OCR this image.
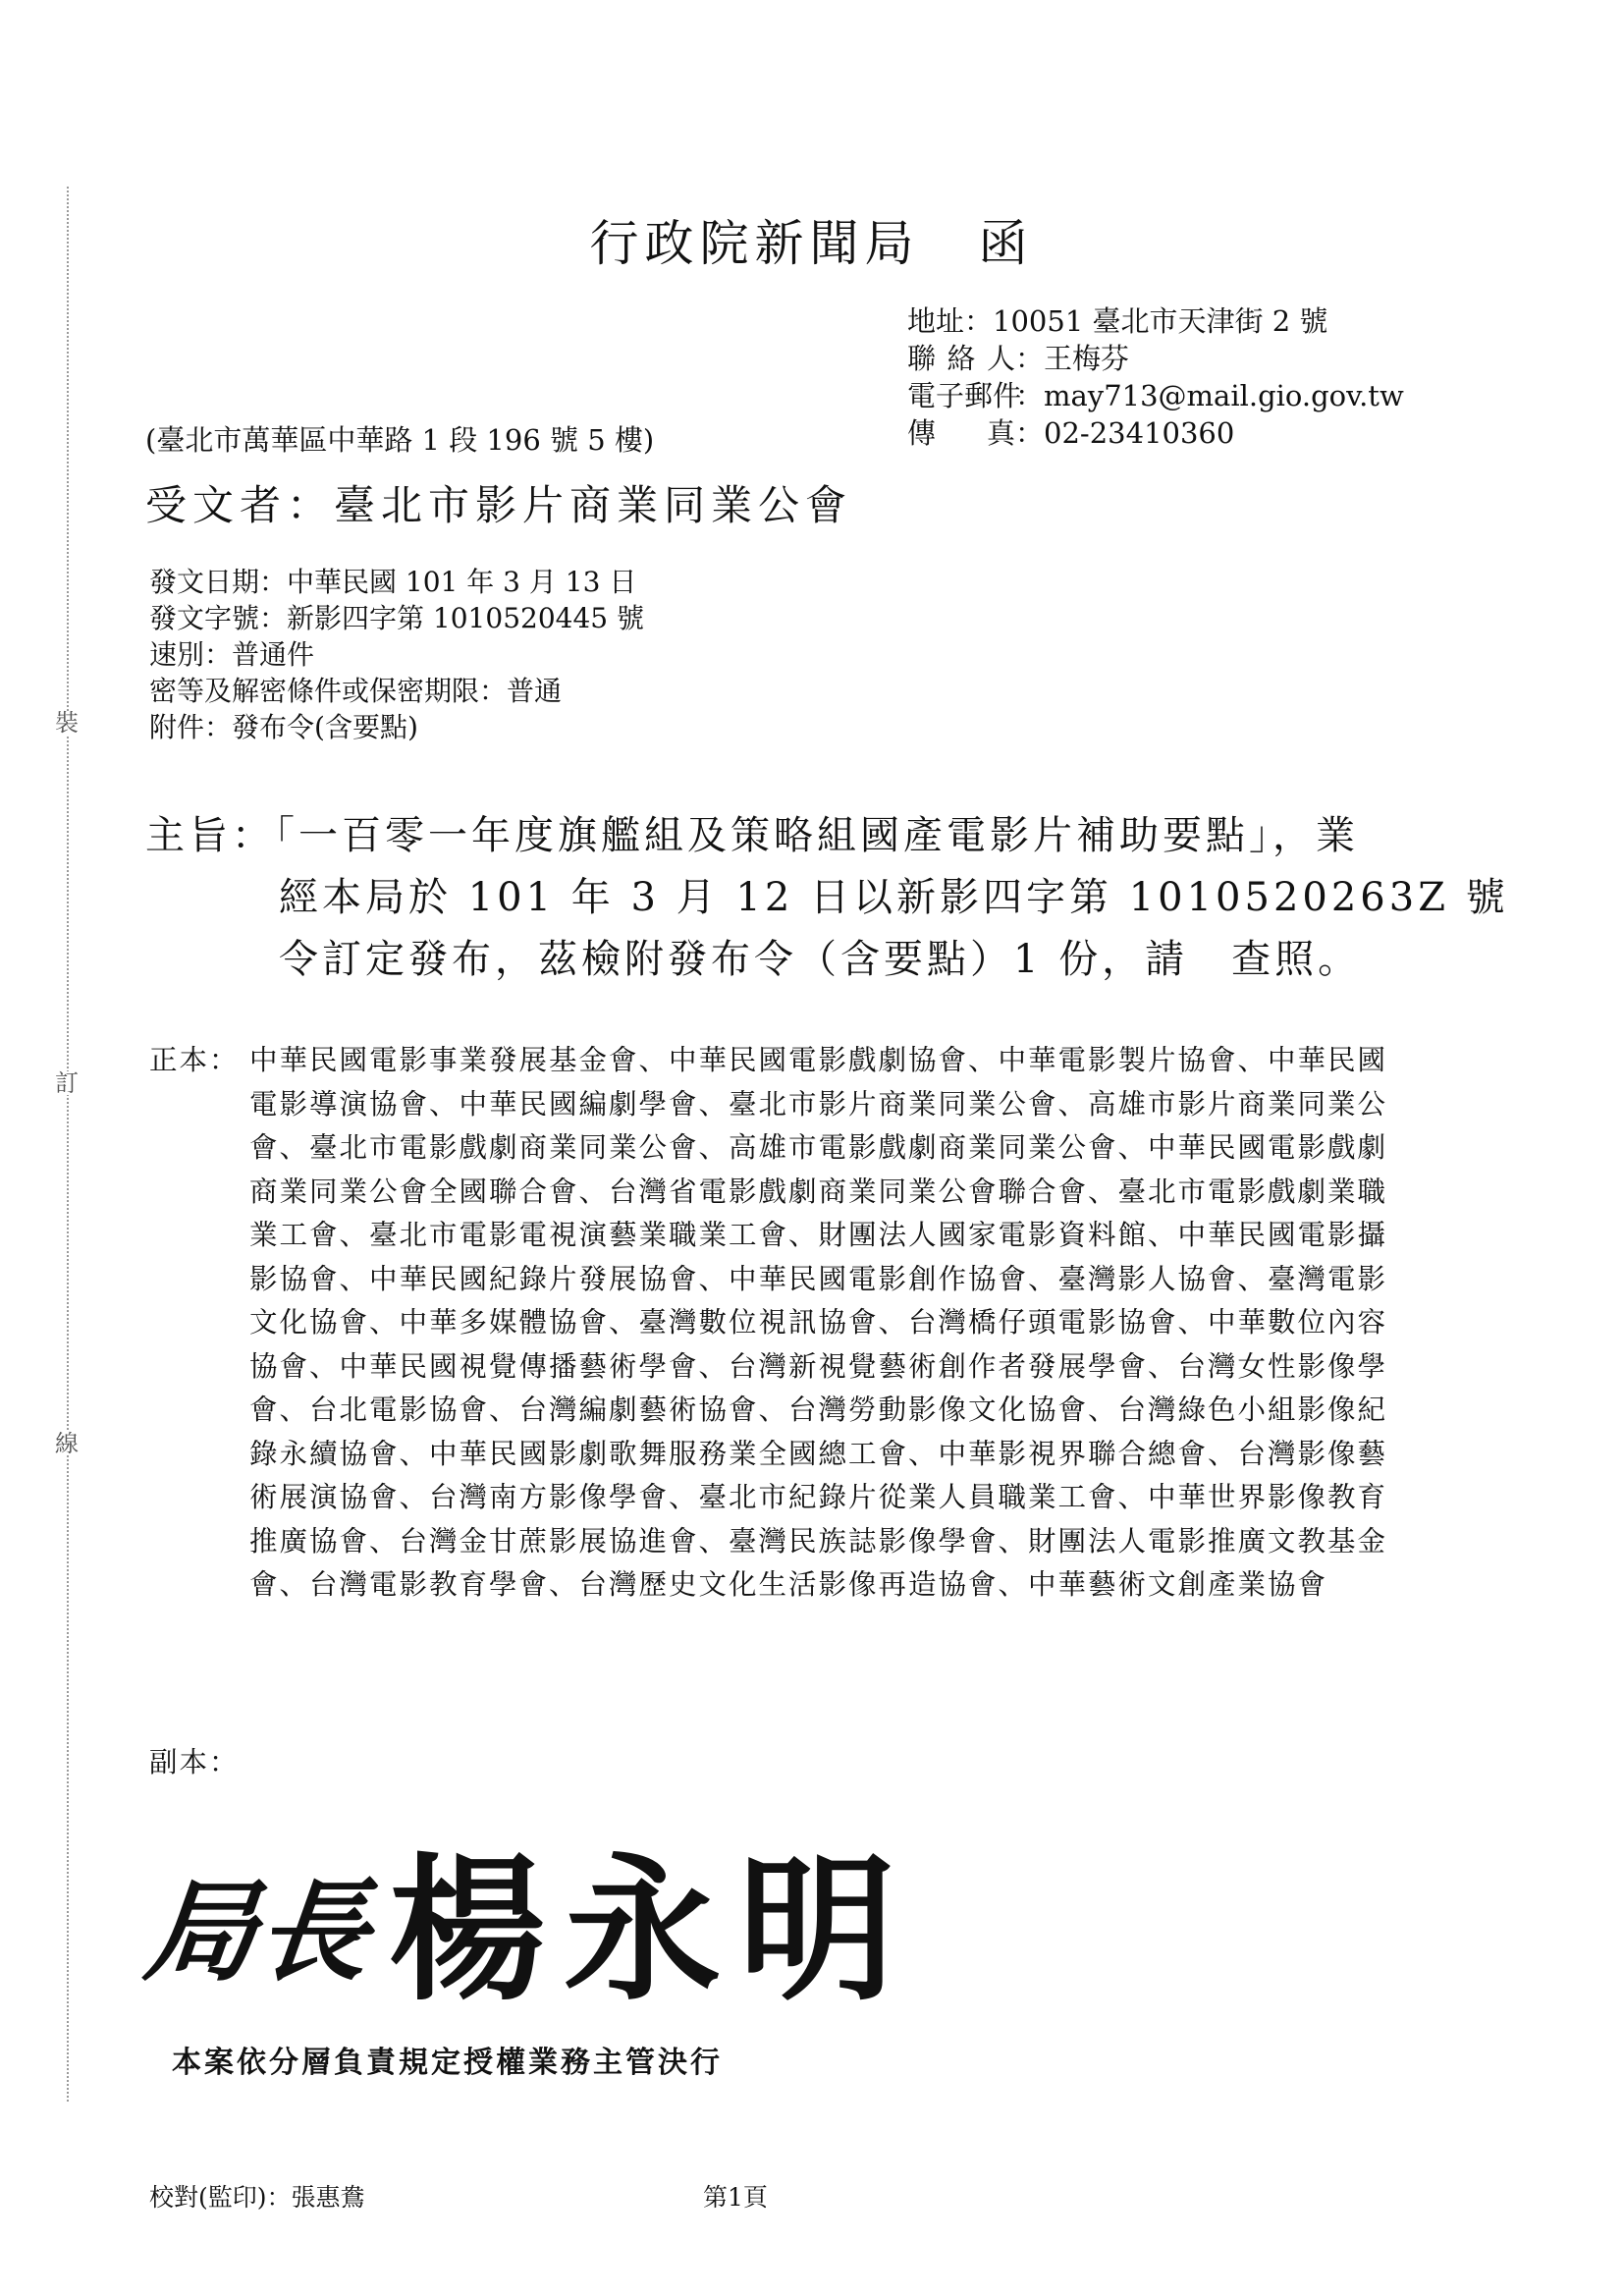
裝
訂
線
行政院新聞局 函
地址：10051 臺北市天津街 2 號
聯 絡 人：王梅芬
電子郵件：may713@mail.gio.gov.tw
傳 真：02-23410360
(臺北市萬華區中華路 1 段 196 號 5 樓)
受文者：臺北市影片商業同業公會
發文日期：中華民國 101 年 3 月 13 日
發文字號：新影四字第 1010520445 號
速別：普通件
密等及解密條件或保密期限：普通
附件：發布令(含要點)
主旨：「一百零一年度旗艦組及策略組國產電影片補助要點」，業
經本局於 101 年 3 月 12 日以新影四字第 1010520263Z 號
令訂定發布，茲檢附發布令（含要點）1 份，請　查照。
正本： 中華民國電影事業發展基金會、中華民國電影戲劇協會、中華電影製片協會、中華民國電影導演協會、中華民國編劇學會、臺北市影片商業同業公會、高雄市影片商業同業公會、臺北市電影戲劇商業同業公會、高雄市電影戲劇商業同業公會、中華民國電影戲劇商業同業公會全國聯合會、台灣省電影戲劇商業同業公會聯合會、臺北市電影戲劇業職業工會、臺北市電影電視演藝業職業工會、財團法人國家電影資料館、中華民國電影攝影協會、中華民國紀錄片發展協會、中華民國電影創作協會、臺灣影人協會、臺灣電影文化協會、中華多媒體協會、臺灣數位視訊協會、台灣橋仔頭電影協會、中華數位內容協會、中華民國視覺傳播藝術學會、台灣新視覺藝術創作者發展學會、台灣女性影像學會、台北電影協會、台灣編劇藝術協會、台灣勞動影像文化協會、台灣綠色小組影像紀錄永續協會、中華民國影劇歌舞服務業全國總工會、中華影視界聯合總會、台灣影像藝術展演協會、台灣南方影像學會、臺北市紀錄片從業人員職業工會、中華世界影像教育推廣協會、台灣金甘蔗影展協進會、臺灣民族誌影像學會、財團法人電影推廣文教基金會、台灣電影教育學會、台灣歷史文化生活影像再造協會、中華藝術文創產業協會
副本：
局長 楊永明
本案依分層負責規定授權業務主管決行
校對(監印)：張惠鴦	第1頁
